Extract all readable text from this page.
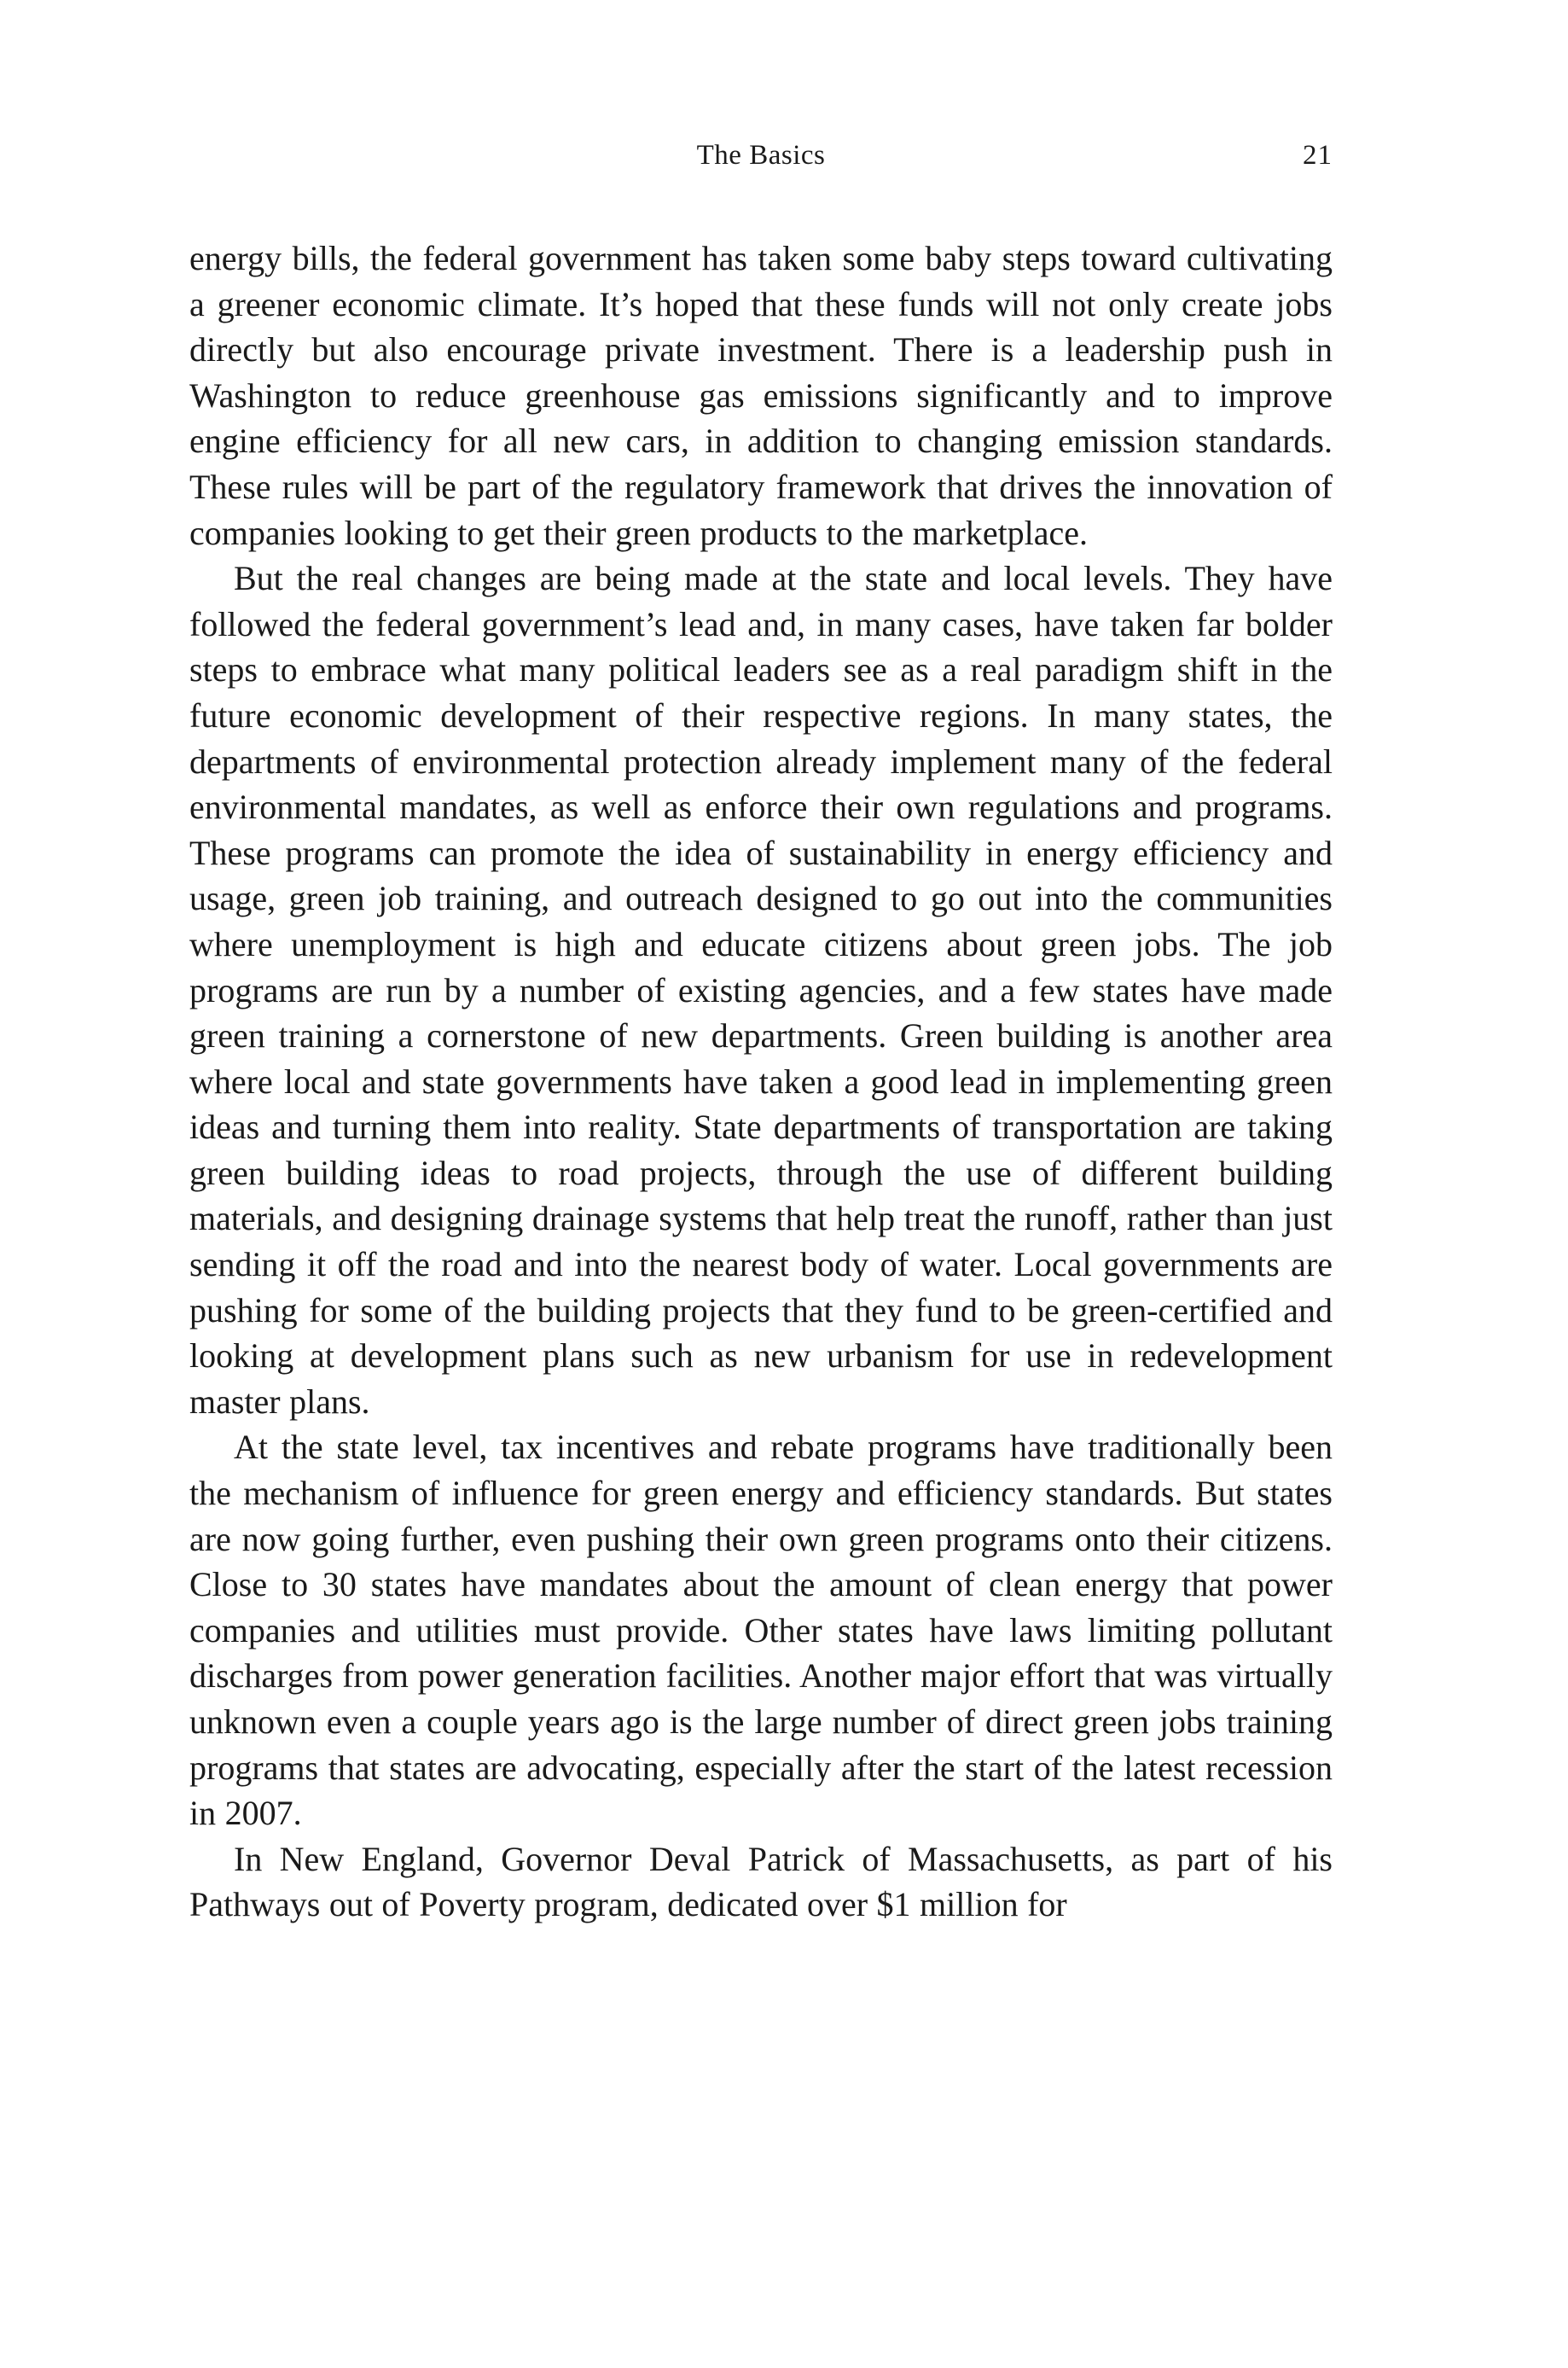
The Basics	21

energy bills, the federal government has taken some baby steps toward cultivating a greener economic climate. It’s hoped that these funds will not only create jobs directly but also encourage private investment. There is a leadership push in Washington to reduce greenhouse gas emissions significantly and to improve engine efficiency for all new cars, in addition to changing emission standards. These rules will be part of the regulatory framework that drives the innovation of companies looking to get their green products to the marketplace.

But the real changes are being made at the state and local levels. They have followed the federal government’s lead and, in many cases, have taken far bolder steps to embrace what many political leaders see as a real paradigm shift in the future economic development of their respective regions. In many states, the departments of environmental protection already implement many of the federal environmental mandates, as well as enforce their own regulations and programs. These programs can promote the idea of sustainability in energy efficiency and usage, green job training, and outreach designed to go out into the communities where unemployment is high and educate citizens about green jobs. The job programs are run by a number of existing agencies, and a few states have made green training a cornerstone of new departments. Green building is another area where local and state governments have taken a good lead in implementing green ideas and turning them into reality. State departments of transportation are taking green building ideas to road projects, through the use of different building materials, and designing drainage systems that help treat the runoff, rather than just sending it off the road and into the nearest body of water. Local governments are pushing for some of the building projects that they fund to be green-certified and looking at development plans such as new urbanism for use in redevelopment master plans.

At the state level, tax incentives and rebate programs have traditionally been the mechanism of influence for green energy and efficiency standards. But states are now going further, even pushing their own green programs onto their citizens. Close to 30 states have mandates about the amount of clean energy that power companies and utilities must provide. Other states have laws limiting pollutant discharges from power generation facilities. Another major effort that was virtually unknown even a couple years ago is the large number of direct green jobs training programs that states are advocating, especially after the start of the latest recession in 2007.

In New England, Governor Deval Patrick of Massachusetts, as part of his Pathways out of Poverty program, dedicated over $1 million for
